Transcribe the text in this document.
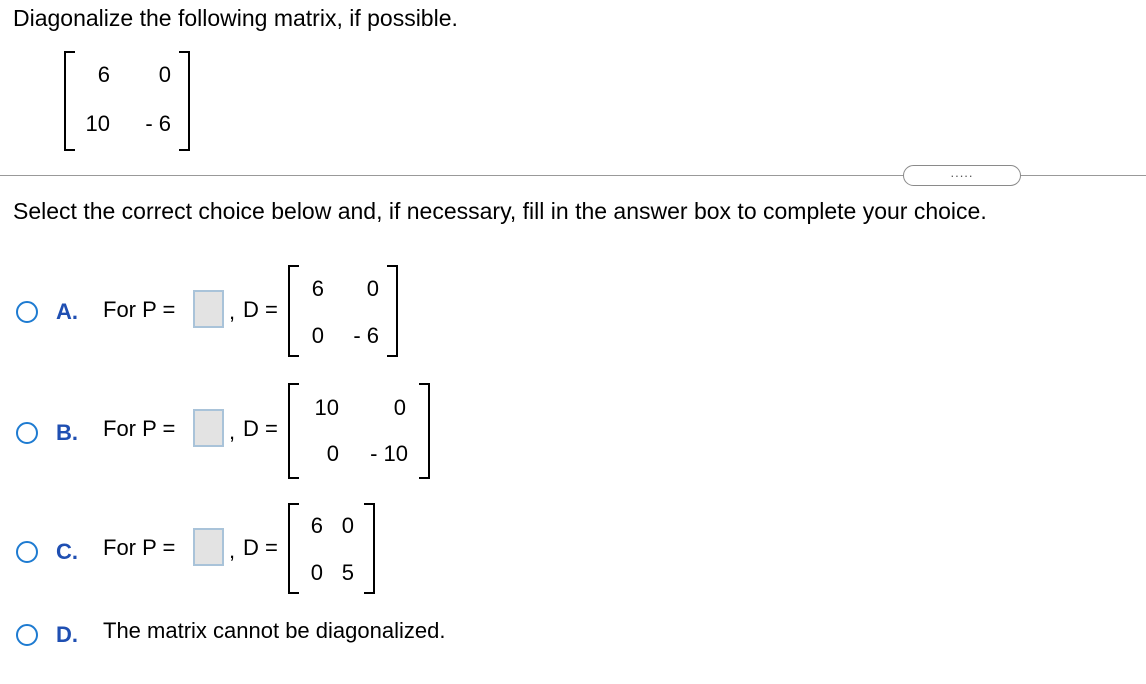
Diagonalize the following matrix, if possible.
6 0
10 - 6
.....
Select the correct choice below and, if necessary, fill in the answer box to complete your choice.
A. For P = , D =
6 0
0 - 6
B. For P = , D =
10 0
0 - 10
C. For P = , D =
6 0
0 5
D. The matrix cannot be diagonalized.
